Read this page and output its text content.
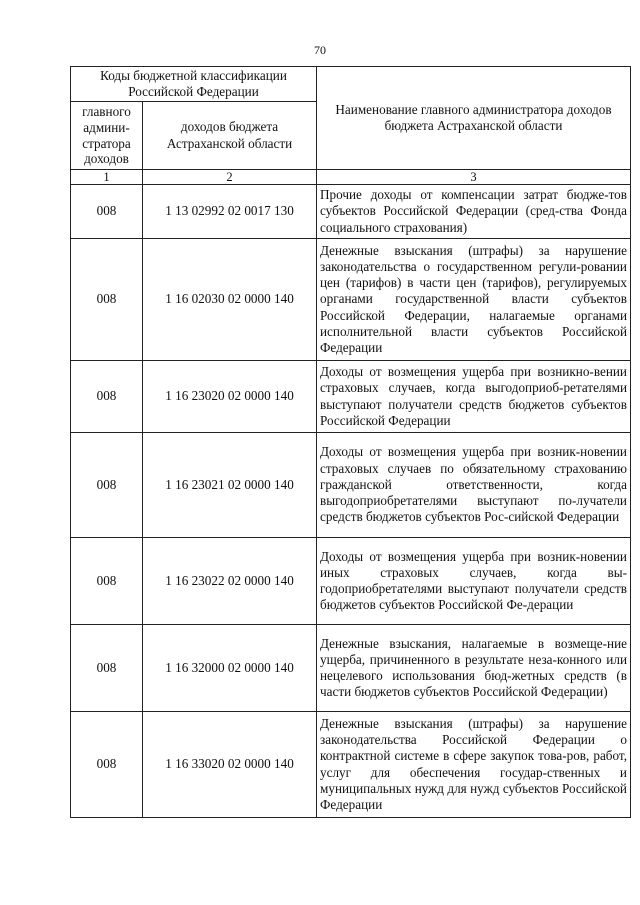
70
Коды бюджетной классификации Российской Федерации		Наименование главного администратора доходов бюджета Астраханской области
главного админи-стратора доходов	доходов бюджета Астраханской области	
1	2	3
008	1 13 02992 02 0017 130	Прочие доходы от компенсации затрат бюдже-тов субъектов Российской Федерации (сред-ства Фонда социального страхования)
008	1 16 02030 02 0000 140	Денежные взыскания (штрафы) за нарушение законодательства о государственном регули-ровании цен (тарифов) в части цен (тарифов), регулируемых органами государственной власти субъектов Российской Федерации, налагаемые органами исполнительной власти субъектов Российской Федерации
008	1 16 23020 02 0000 140	Доходы от возмещения ущерба при возникно-вении страховых случаев, когда выгодоприоб-ретателями выступают получатели средств бюджетов субъектов Российской Федерации
008	1 16 23021 02 0000 140	Доходы от возмещения ущерба при возник-новении страховых случаев по обязательному страхованию гражданской ответственности, когда выгодоприобретателями выступают по-лучатели средств бюджетов субъектов Рос-сийской Федерации
008	1 16 23022 02 0000 140	Доходы от возмещения ущерба при возник-новении иных страховых случаев, когда вы-годоприобретателями выступают получатели средств бюджетов субъектов Российской Фе-дерации
008	1 16 32000 02 0000 140	Денежные взыскания, налагаемые в возмеще-ние ущерба, причиненного в результате неза-конного или нецелевого использования бюд-жетных средств (в части бюджетов субъектов Российской Федерации)
008	1 16 33020 02 0000 140	Денежные взыскания (штрафы) за нарушение законодательства Российской Федерации о контрактной системе в сфере закупок това-ров, работ, услуг для обеспечения государ-ственных и муниципальных нужд для нужд субъектов Российской Федерации
